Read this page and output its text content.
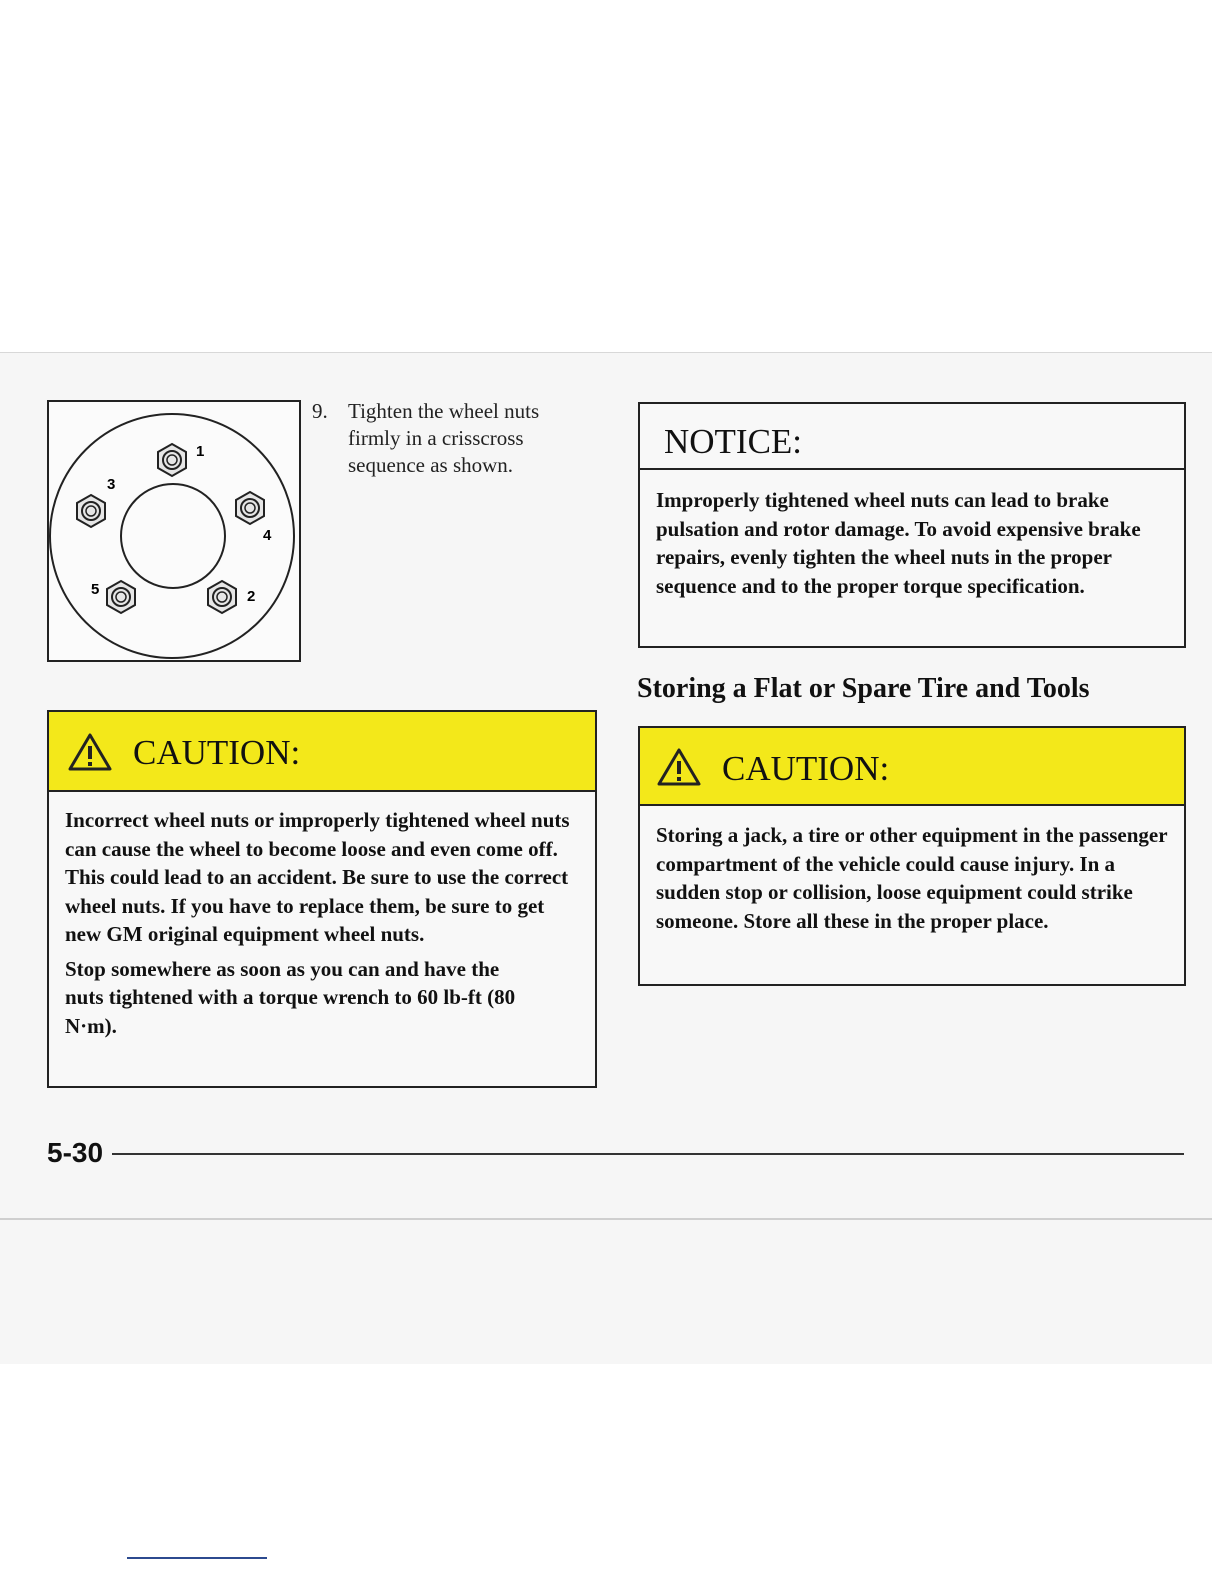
1
2
3
4
5
9. Tighten the wheel nuts firmly in a crisscross sequence as shown.
NOTICE:

Improperly tightened wheel nuts can lead to brake pulsation and rotor damage. To avoid expensive brake repairs, evenly tighten the wheel nuts in the proper sequence and to the proper torque specification.

Storing a Flat or Spare Tire and Tools
CAUTION:

Incorrect wheel nuts or improperly tightened wheel nuts can cause the wheel to become loose and even come off. This could lead to an accident. Be sure to use the correct wheel nuts. If you have to replace them, be sure to get new GM original equipment wheel nuts.

Stop somewhere as soon as you can and have the nuts tightened with a torque wrench to 60 lb-ft (80 N·m).

CAUTION:

Storing a jack, a tire or other equipment in the passenger compartment of the vehicle could cause injury. In a sudden stop or collision, loose equipment could strike someone. Store all these in the proper place.

5-30
